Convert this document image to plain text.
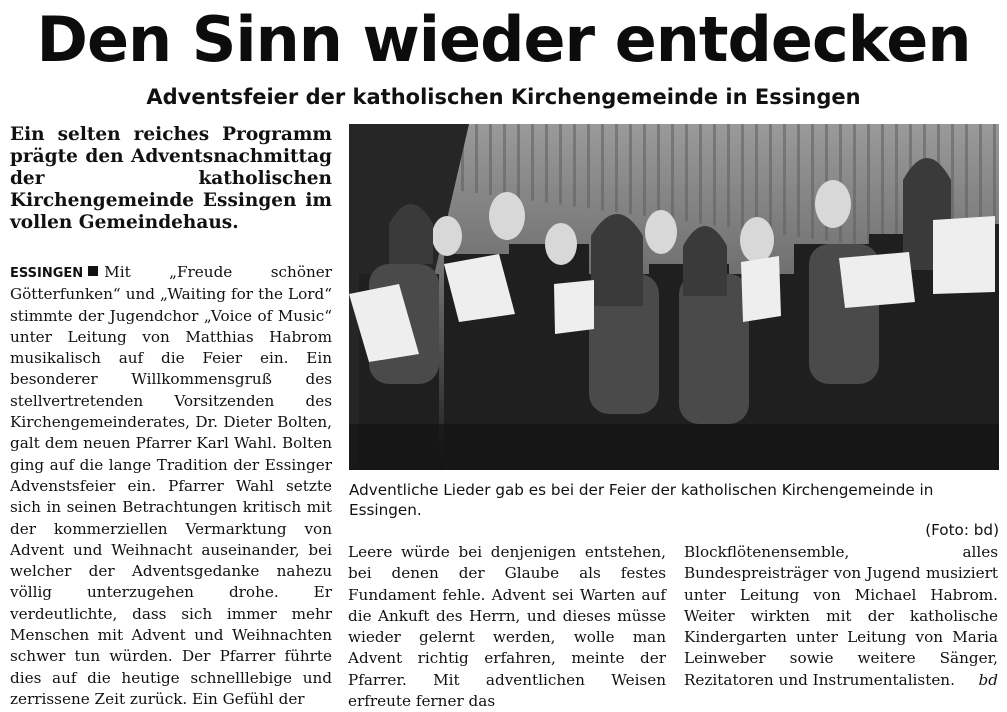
Den Sinn wieder entdecken
Adventsfeier der katholischen Kirchengemeinde in Essingen
Ein selten reiches Programm prägte den Adventsnachmittag der katholischen Kirchengemeinde Essingen im vollen Gemeindehaus.
ESSINGEN Mit „Freude schöner Götterfunken“ und „Waiting for the Lord“ stimmte der Jugendchor „Voice of Music“ unter Leitung von Matthias Habrom musikalisch auf die Feier ein. Ein besonderer Willkommensgruß des stellvertretenden Vorsitzenden des Kirchengemeinderates, Dr. Dieter Bolten, galt dem neuen Pfarrer Karl Wahl. Bolten ging auf die lange Tradition der Essinger Advenstsfeier ein. Pfarrer Wahl setzte sich in seinen Betrachtungen kritisch mit der kommerziellen Vermarktung von Advent und Weihnacht auseinander, bei welcher der Adventsgedanke nahezu völlig unterzugehen drohe. Er verdeutlichte, dass sich immer mehr Menschen mit Advent und Weihnachten schwer tun würden. Der Pfarrer führte dies auf die heutige schnelllebige und zerrissene Zeit zurück. Ein Gefühl der
Adventliche Lieder gab es bei der Feier der katholischen Kirchengemeinde in Essingen.
(Foto: bd)
Leere würde bei denjenigen entstehen, bei denen der Glaube als festes Fundament fehle. Advent sei Warten auf die Ankuft des Herrn, und dieses müsse wieder gelernt werden, wolle man Advent richtig erfahren, meinte der Pfarrer. Mit adventlichen Weisen erfreute ferner das
Blockflötenensemble, alles Bundespreisträger von Jugend musiziert unter Leitung von Michael Habrom. Weiter wirkten mit der katholische Kindergarten unter Leitung von Maria Leinweber sowie weitere Sänger, Rezitatoren und Instrumentalisten. bd
